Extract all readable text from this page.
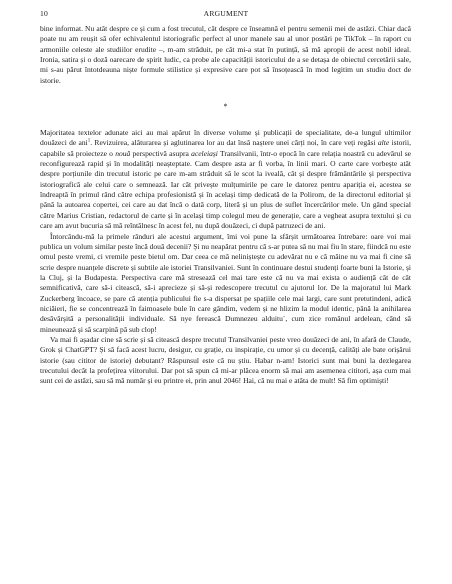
10	ARGUMENT

bine informat. Nu atât despre ce și cum a fost trecutul, cât despre ce înseamnă el pentru semenii mei de astăzi. Chiar dacă poate nu am reușit să ofer echivalentul istoriografic perfect al unor manele sau al unor postări pe TikTok – în raport cu armoniile celeste ale studiilor erudite –, m-am străduit, pe cât mi-a stat în putință, să mă apropii de acest nobil ideal. Ironia, satira și o doză oarecare de spirit ludic, ca probe ale capacității istoricului de a se detașa de obiectul cercetării sale, mi s-au părut întotdeauna niște formule stilistice și expresive care pot să însoțească în mod legitim un studiu doct de istorie.

*

Majoritatea textelor adunate aici au mai apărut în diverse volume și publicații de specialitate, de-a lungul ultimilor douăzeci de ani$^1$. Revizuirea, alăturarea și aglutinarea lor au dat însă naștere unei cărți noi, în care veți regăsi alte istorii, capabile să proiecteze o nouă perspectivă asupra aceleiași Transilvanii, într-o epocă în care relația noastră cu adevărul se reconfigurează rapid și în modalități neașteptate. Cam despre asta ar fi vorba, în linii mari. O carte care vorbește atât despre porțiunile din trecutul istoric pe care m-am străduit să le scot la iveală, cât și despre frământările și perspectiva istoriografică ale celui care o semnează. Iar cât privește mulțumirile pe care le datorez pentru apariția ei, acestea se îndreaptă în primul rând către echipa profesionistă și în același timp dedicată de la Polirom, de la directorul editorial și până la autoarea copertei, cei care au dat încă o dată corp, literă și un plus de suflet încercărilor mele. Un gând special către Marius Cristian, redactorul de carte și în același timp colegul meu de generație, care a vegheat asupra textului și cu care am avut bucuria să mă reîntâlnesc în acest fel, nu după douăzeci, ci după patruzeci de ani.

Întorcându-mă la primele rânduri ale acestui argument, îmi voi pune la sfârșit următoarea întrebare: oare voi mai publica un volum similar peste încă două decenii? Și nu neapărat pentru că s-ar putea să nu mai fiu în stare, fiindcă nu este omul peste vremi, ci vremile peste bietul om. Dar ceea ce mă neliniștește cu adevărat nu e că mâine nu va mai fi cine să scrie despre nuanțele discrete și subtile ale istoriei Transilvaniei. Sunt în continuare destui studenți foarte buni la Istorie, și la Cluj, și la Budapesta. Perspectiva care mă stresează cel mai tare este că nu va mai exista o audiență cât de cât semnificativă, care să-i citească, să-i aprecieze și să-și redescopere trecutul cu ajutorul lor. De la majoratul lui Mark Zuckerberg încoace, se pare că atenția publicului fie s-a dispersat pe spațiile cele mai largi, care sunt pretutindeni, adică niciăieri, fie se concentrează în faimoasele bule în care gândim, vedem și ne hlizim la modul identic, până la anihilarea desăvârșită a personalității individuale. Să nye ferească Dumnezeu alduitu`, cum zice românul ardelean, când să mineunează și să scarpină pă sub clop!

Va mai fi așadar cine să scrie și să citească despre trecutul Transilvaniei peste vreo douăzeci de ani, în afară de Claude, Grok și ChatGPT? Și să facă acest lucru, desigur, cu grație, cu inspirație, cu umor și cu decență, calități ale bate orișărui istorie (sau cititor de istorie) debutant? Răspunsul este că nu știu. Habar n-am! Istorici sunt mai buni la dezlegarea trecutului decât la profețirea viitorului. Dar pot să spun că mi-ar plăcea enorm să mai am asemenea cititori, așa cum mai sunt cei de astăzi, sau să mă număr și eu printre ei, prin anul 2046! Hai, că nu mai e atâta de mult! Să fim optimiști!
